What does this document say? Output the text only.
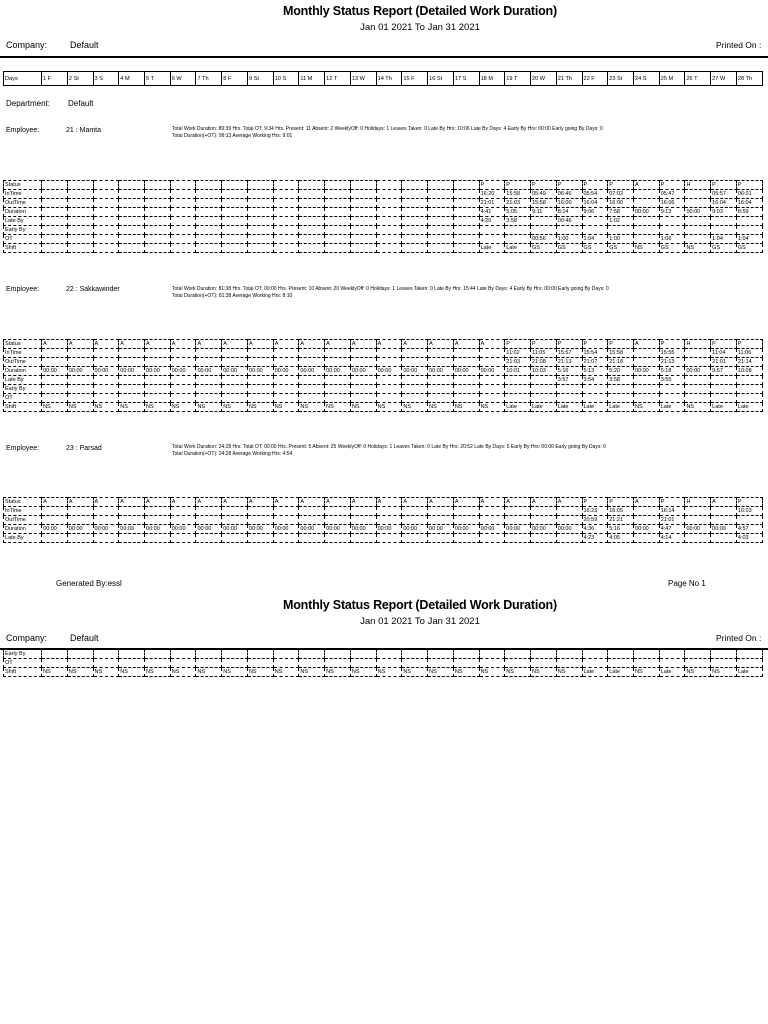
Monthly Status Report (Detailed Work Duration)
Jan 01 2021 To Jan 31 2021
Company:	Default	Printed On :
Days	1 F	2 St	3 S	4 M	5 T	6 W	7 Th	8 F	9 St	10 S	11 M	12 T	13 W	14 Th	15 F	16 St	17 S	18 M	19 T	20 W	21 Th	22 F	23 St	24 S	25 M	26 T	27 W	28 Th
Department: Default
Employee:	21 : Mamta	Total Work Duration: 89:39 Hrs. Total OT: 9:34 Hrs. Present: 11 Absent: 2 WeeklyOff: 0 Holidays: 1 Leaves Taken: 0 Late By Hrs: 10:06 Late By Days: 4 Early By Hrs: 00:00 Early going By Days: 0 Total Duration(+OT): 99:13 Average Working Hrs: 9:01
Status																		P	P	P	P	P	P	A	P	H	P	P
InTime																		16:20	15:58	05:49	06:46	05:54	07:02		05:47		05:57	06:01
OutTime																		21:01	21:03	15:58	16:00	16:04	16:00		16:06		16:04	16:04
Duration																		4:41	5:05	9:11	8:14	9:06	7:58	00:00	9:13	00:00	9:03	8:59
Late By																		4:20	3:58		00:46		1:02					
Early By																												
OT																				00:56	1:00	1:04	1:00		1:06		1:04	1:04
Shift																		Late	Late	GS	GS	GS	GS	NS	GS	NS	GS	GS
Employee:	22 : Sakkawinder	Total Work Duration: 81:38 Hrs. Total OT: 00:00 Hrs. Present: 10 Absent: 20 WeeklyOff: 0 Holidays: 1 Leaves Taken: 0 Late By Hrs: 15:44 Late By Days: 4 Early By Hrs: 00:00 Early going By Days: 0 Total Duration(+OT): 81:38 Average Working Hrs: 8:10
Status	A	A	A	A	A	A	A	A	A	A	A	A	A	A	A	A	A	A	P	P	P	P	P	A	P	H	P	P
InTime																			11:02	11:05	15:57	15:54	15:58		15:55		11:04	11:06
OutTime																			21:03	21:08	21:13	21:07	21:18		21:13		21:01	21:14
Duration	00:00	00:00	00:00	00:00	00:00	00:00	00:00	00:00	00:00	00:00	00:00	00:00	00:00	00:00	00:00	00:00	00:00	00:00	10:01	10:03	5:16	5:13	5:20	00:00	5:18	00:00	9:57	10:08
Late By																					3:57	3:54	3:58		3:55			
Early By																												
OT																												
Shift	NS	NS	NS	NS	NS	NS	NS	NS	NS	NS	NS	NS	NS	NS	NS	NS	NS	NS	Late	Late	Late	Late	Late	NS	Late	NS	Late	Late
Employee:	23 : Parsad	Total Work Duration: 24:28 Hrs. Total OT: 00:00 Hrs. Present: 5 Absent: 25 WeeklyOff: 0 Holidays: 1 Leaves Taken: 0 Late By Hrs: 20:52 Late By Days: 5 Early By Hrs: 00:00 Early going By Days: 0 Total Duration(+OT): 24:28 Average Working Hrs: 4:54
Status	A	A	A	A	A	A	A	A	A	A	A	A	A	A	A	A	A	A	A	A	A	P	P	A	P	H	A	P
InTime																						16:23	16:05		16:14			16:03
OutTime																						20:59	21:21		21:01			
Duration	00:00	00:00	00:00	00:00	00:00	00:00	00:00	00:00	00:00	00:00	00:00	00:00	00:00	00:00	00:00	00:00	00:00	00:00	00:00	00:00	00:00	4:36	5:16	00:00	4:47	00:00	00:00	4:57
Late By																						4:23	4:05		4:14			4:03
Generated By:essl	Page No 1
Monthly Status Report (Detailed Work Duration)
Jan 01 2021 To Jan 31 2021
Company:	Default	Printed On :
Early By																												
OT																												
Shift	NS	NS	NS	NS	NS	NS	NS	NS	NS	NS	NS	NS	NS	NS	NS	NS	NS	NS	NS	NS	NS	Late	Late	NS	Late	NS	NS	Late
